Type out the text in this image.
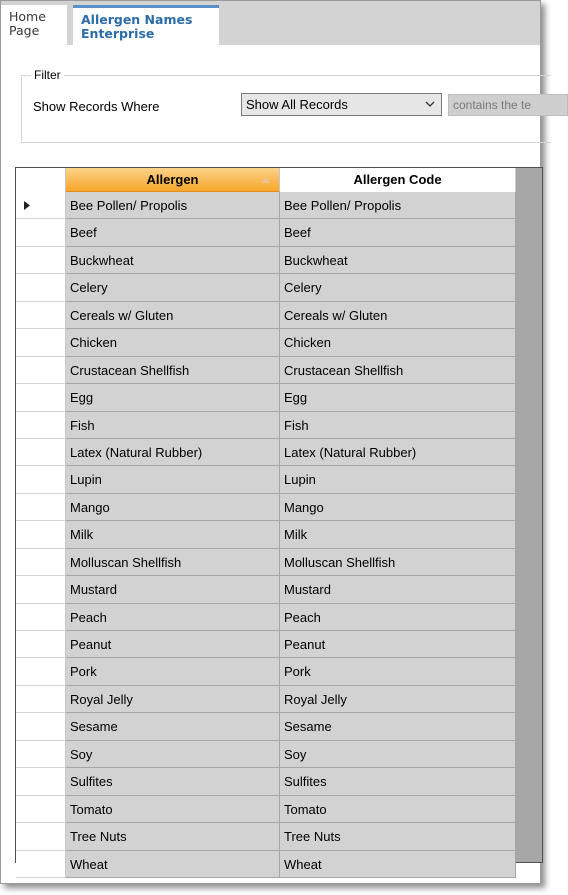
Home
Page
Allergen Names
Enterprise
Filter
Show Records Where	Show All Records	contains the te
Allergen	Allergen Code
Bee Pollen/ Propolis	Bee Pollen/ Propolis
Beef	Beef
Buckwheat	Buckwheat
Celery	Celery
Cereals w/ Gluten	Cereals w/ Gluten
Chicken	Chicken
Crustacean Shellfish	Crustacean Shellfish
Egg	Egg
Fish	Fish
Latex (Natural Rubber)	Latex (Natural Rubber)
Lupin	Lupin
Mango	Mango
Milk	Milk
Molluscan Shellfish	Molluscan Shellfish
Mustard	Mustard
Peach	Peach
Peanut	Peanut
Pork	Pork
Royal Jelly	Royal Jelly
Sesame	Sesame
Soy	Soy
Sulfites	Sulfites
Tomato	Tomato
Tree Nuts	Tree Nuts
Wheat	Wheat
